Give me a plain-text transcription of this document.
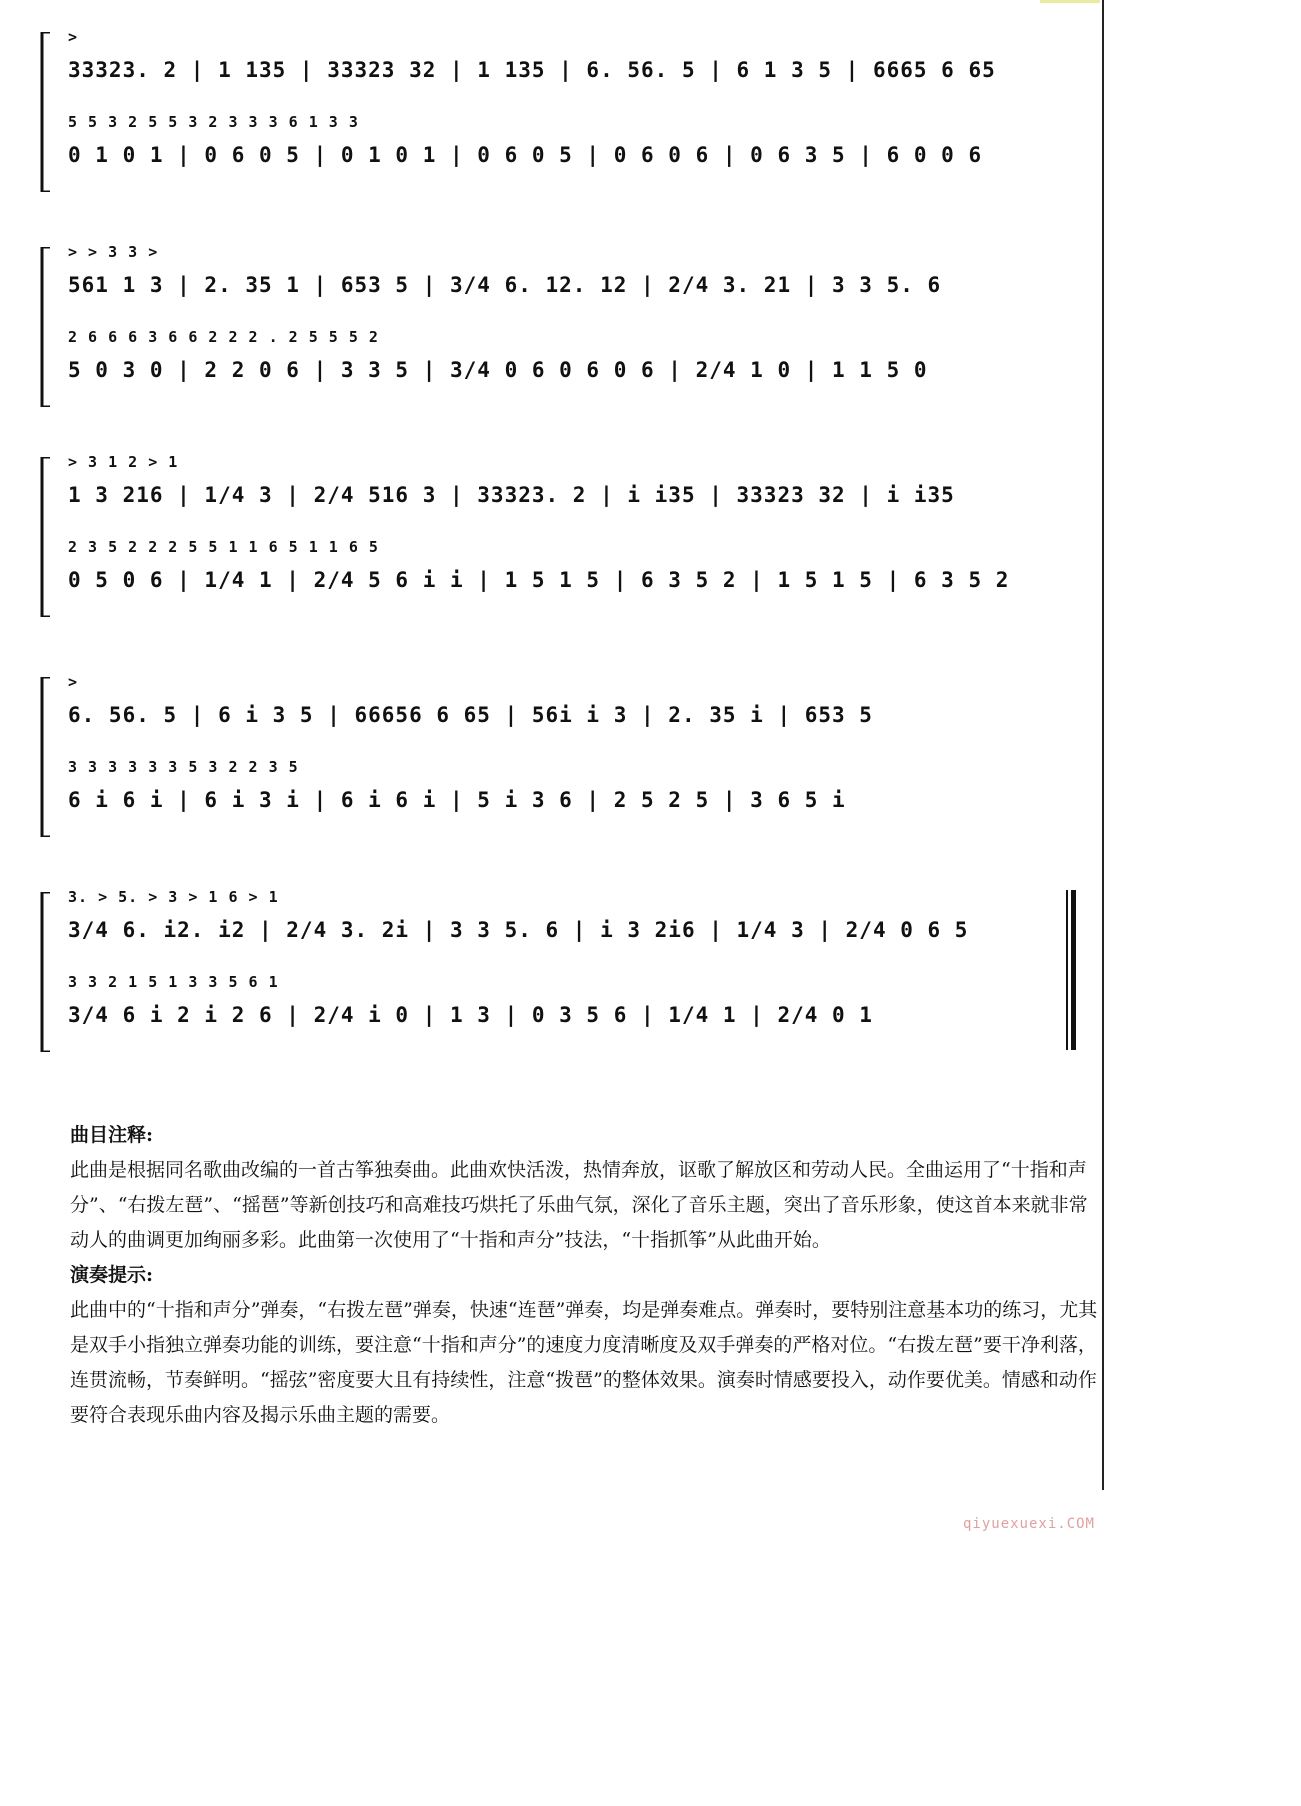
>
33323. 2 | 1 135 | 33323 32 | 1 135 | 6. 56. 5 | 6 1 3 5 | 6665 6 65
5 5 3 2 5 5 3 2 3 3 3 6 1 3 3
0 1 0 1 | 0 6 0 5 | 0 1 0 1 | 0 6 0 5 | 0 6 0 6 | 0 6 3 5 | 6 0 0 6
> > 3 3 >
561 1 3 | 2. 35 1 | 653 5 | 3/4 6. 12. 12 | 2/4 3. 21 | 3 3 5. 6
2 6 6 6 3 6 6 2 2 2 . 2 5 5 5 2
5 0 3 0 | 2 2 0 6 | 3 3 5 | 3/4 0 6 0 6 0 6 | 2/4 1 0 | 1 1 5 0
> 3 1 2 > 1
1 3 216 | 1/4 3 | 2/4 516 3 | 33323. 2 | i i35 | 33323 32 | i i35
2 3 5 2 2 2 5 5 1 1 6 5 1 1 6 5
0 5 0 6 | 1/4 1 | 2/4 5 6 i i | 1 5 1 5 | 6 3 5 2 | 1 5 1 5 | 6 3 5 2
>
6. 56. 5 | 6 i 3 5 | 66656 6 65 | 56i i 3 | 2. 35 i | 653 5
3 3 3 3 3 3 5 3 2 2 3 5
6 i 6 i | 6 i 3 i | 6 i 6 i | 5 i 3 6 | 2 5 2 5 | 3 6 5 i
3. > 5. > 3 > 1 6 > 1
3/4 6. i2. i2 | 2/4 3. 2i | 3 3 5. 6 | i 3 2i6 | 1/4 3 | 2/4 0 6 5
3 3 2 1 5 1 3 3 5 6 1
3/4 6 i 2 i 2 6 | 2/4 i 0 | 1 3 | 0 3 5 6 | 1/4 1 | 2/4 0 1
曲目注释:

此曲是根据同名歌曲改编的一首古筝独奏曲。此曲欢快活泼，热情奔放，讴歌了解放区和劳动人民。全曲运用了“十指和声分”、“右拨左琶”、“摇琶”等新创技巧和高难技巧烘托了乐曲气氛，深化了音乐主题，突出了音乐形象，使这首本来就非常动人的曲调更加绚丽多彩。此曲第一次使用了“十指和声分”技法，“十指抓筝”从此曲开始。

演奏提示:

此曲中的“十指和声分”弹奏，“右拨左琶”弹奏，快速“连琶”弹奏，均是弹奏难点。弹奏时，要特别注意基本功的练习，尤其是双手小指独立弹奏功能的训练，要注意“十指和声分”的速度力度清晰度及双手弹奏的严格对位。“右拨左琶”要干净利落，连贯流畅，节奏鲜明。“摇弦”密度要大且有持续性，注意“拨琶”的整体效果。演奏时情感要投入，动作要优美。情感和动作要符合表现乐曲内容及揭示乐曲主题的需要。

qiyuexuexi.COM
